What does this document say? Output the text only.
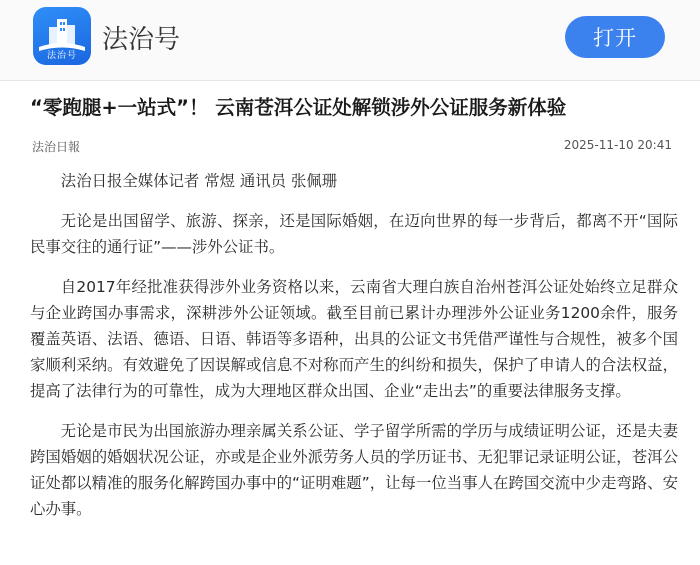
法治号
法治号	打开
“零跑腿+一站式”！ 云南苍洱公证处解锁涉外公证服务新体验
法治日報	2025-11-10 20:41

法治日报全媒体记者 常煜 通讯员 张佩珊

无论是出国留学、旅游、探亲，还是国际婚姻，在迈向世界的每一步背后，都离不开“国际民事交往的通行证”——涉外公证书。

自2017年经批准获得涉外业务资格以来，云南省大理白族自治州苍洱公证处始终立足群众与企业跨国办事需求，深耕涉外公证领域。截至目前已累计办理涉外公证业务1200余件，服务覆盖英语、法语、德语、日语、韩语等多语种，出具的公证文书凭借严谨性与合规性，被多个国家顺利采纳。有效避免了因误解或信息不对称而产生的纠纷和损失，保护了申请人的合法权益，提高了法律行为的可靠性，成为大理地区群众出国、企业“走出去”的重要法律服务支撑。

无论是市民为出国旅游办理亲属关系公证、学子留学所需的学历与成绩证明公证，还是夫妻跨国婚姻的婚姻状况公证，亦或是企业外派劳务人员的学历证书、无犯罪记录证明公证，苍洱公证处都以精准的服务化解跨国办事中的“证明难题”，让每一位当事人在跨国交流中少走弯路、安心办事。
